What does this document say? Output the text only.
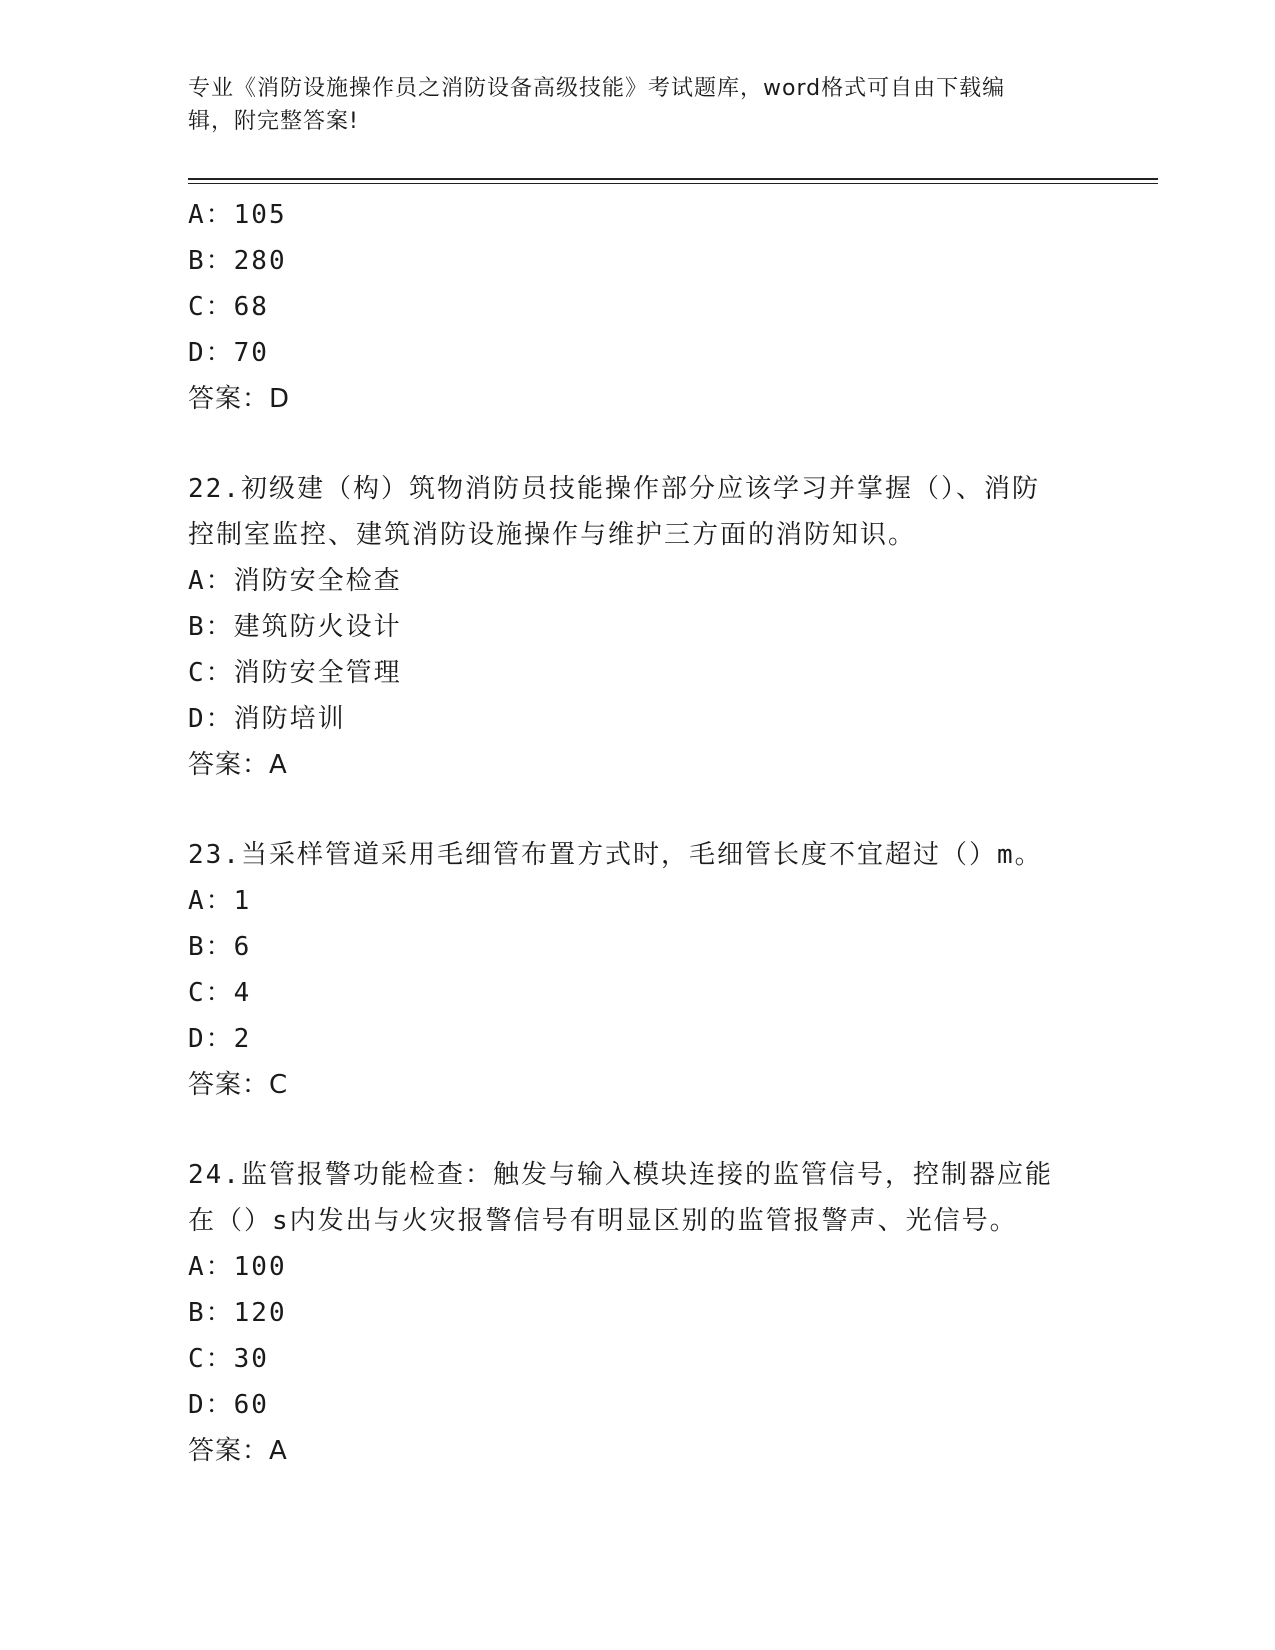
专业《消防设施操作员之消防设备高级技能》考试题库，word格式可自由下载编
辑，附完整答案!
A：105
B：280
C：68
D：70
答案：D
22.初级建（构）筑物消防员技能操作部分应该学习并掌握（）、消防
控制室监控、建筑消防设施操作与维护三方面的消防知识。
A：消防安全检查
B：建筑防火设计
C：消防安全管理
D：消防培训
答案：A
23.当采样管道采用毛细管布置方式时，毛细管长度不宜超过（）m。
A：1
B：6
C：4
D：2
答案：C
24.监管报警功能检查：触发与输入模块连接的监管信号，控制器应能
在（）s内发出与火灾报警信号有明显区别的监管报警声、光信号。
A：100
B：120
C：30
D：60
答案：A
